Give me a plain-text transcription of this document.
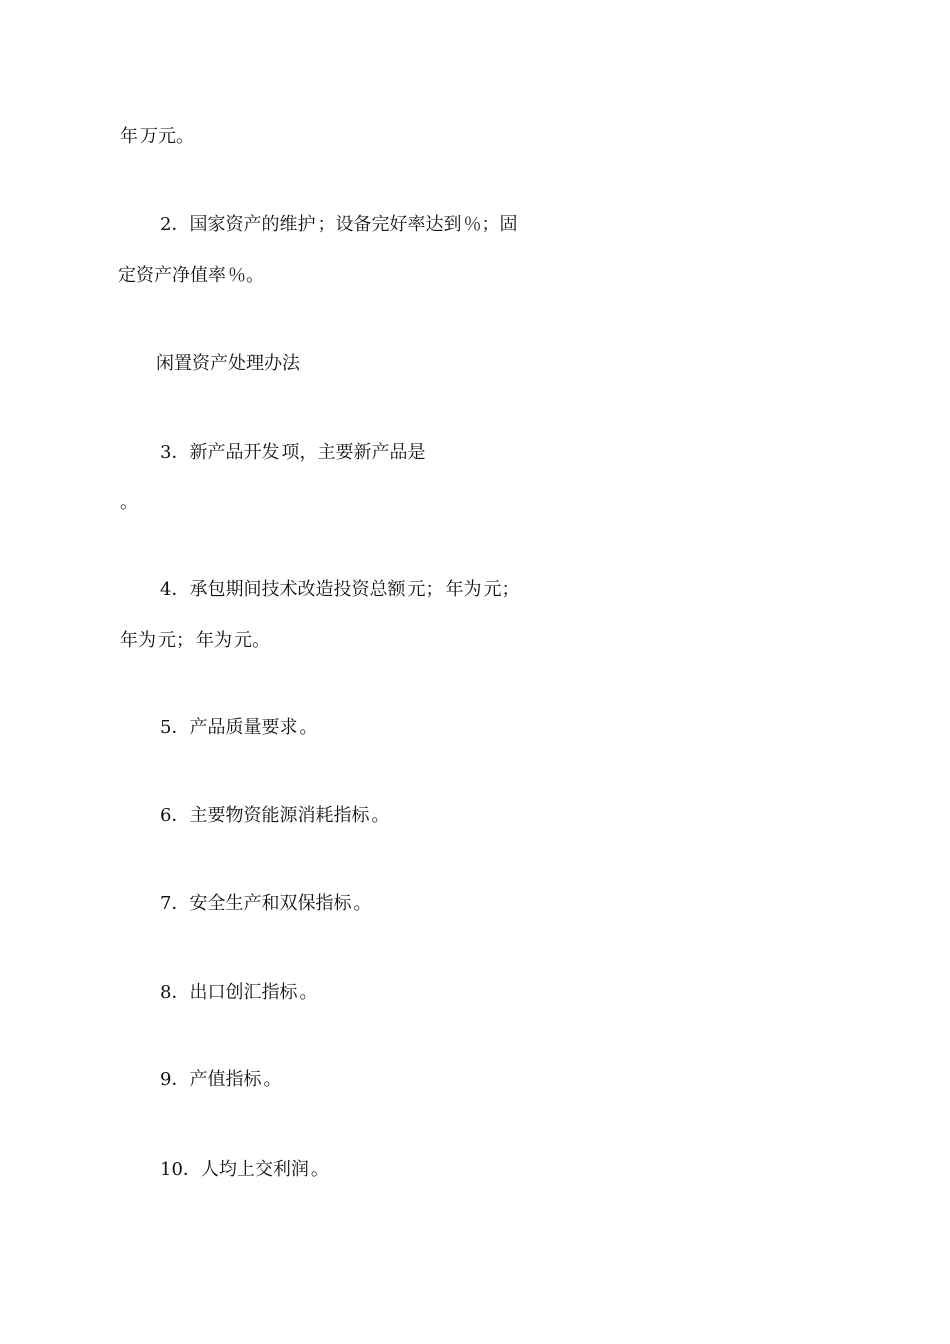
年 万元。
2．国家资产的维护 ；设备完好率达到 ％；固
定资产净值率 ％。
闲置资产处理办法
3．新产品开发 项，主要新产品是
。
4．承包期间技术改造投资总额 元； 年为 元；
年为 元； 年为 元。
5．产品质量要求 。
6．主要物资能源消耗指标 。
7．安全生产和双保指标 。
8．出口创汇指标 。
9．产值指标 。
10．人均上交利润 。
